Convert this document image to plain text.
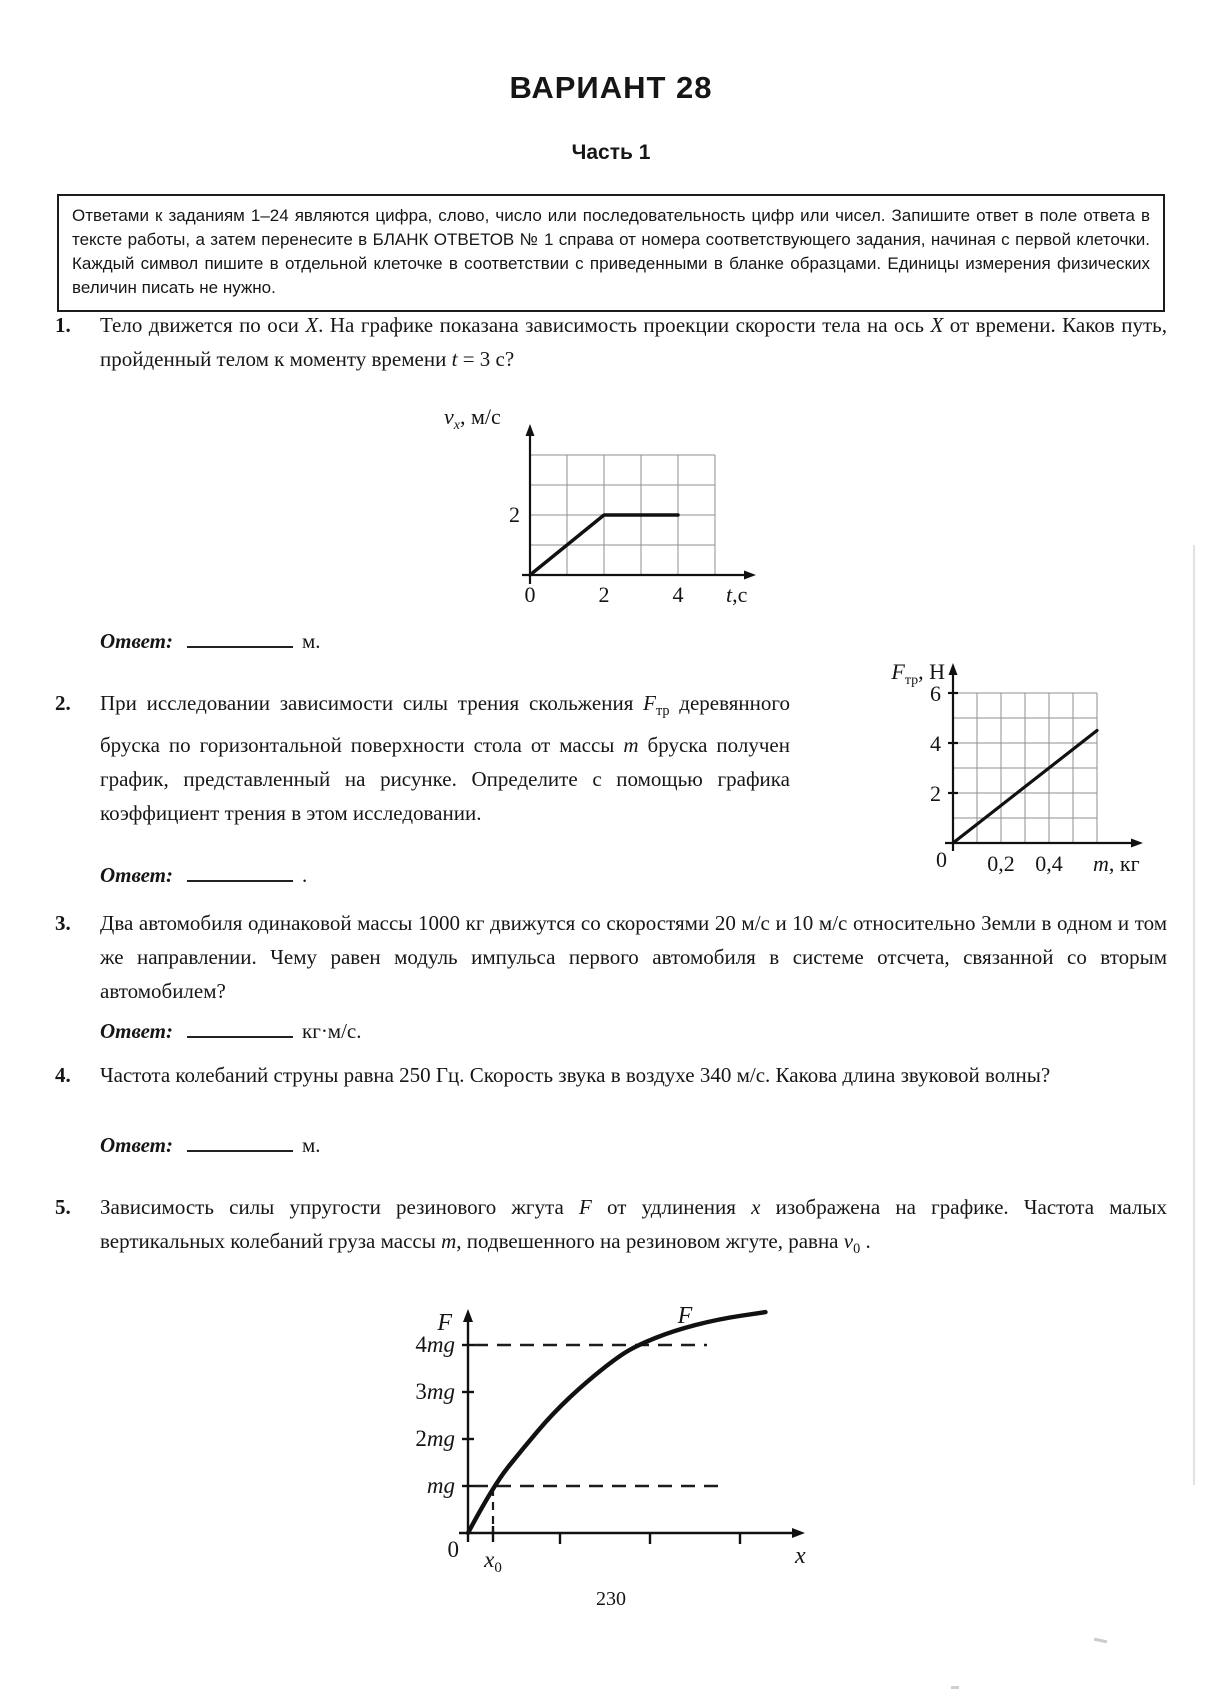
ВАРИАНТ 28
Часть 1
Ответами к заданиям 1–24 являются цифра, слово, число или последовательность цифр или чисел. Запишите ответ в поле ответа в тексте работы, а затем перенесите в БЛАНК ОТВЕТОВ № 1 справа от номера соответствующего задания, начиная с первой клеточки. Каждый символ пишите в отдельной клеточке в соответствии с приведенными в бланке образцами. Единицы измерения физических величин писать не нужно.
1.	Тело движется по оси X. На графике показана зависимость проекции скорости тела на ось X от времени. Каков путь, пройденный телом к моменту времени t = 3 с?
$v_x$, м/с
2
0	2	4 t,с
Ответ:	м.
2.	При исследовании зависимости силы трения скольжения $F_{тр}$ деревянного бруска по горизонтальной поверхности стола от массы m бруска получен график, представленный на рисунке. Определите с помощью графика коэффициент трения в этом исследовании.
$F_{тр}$, Н
6
4
2
0 0,2 0,4 m, кг
Ответ:	.
3.	Два автомобиля одинаковой массы 1000 кг движутся со скоростями 20 м/с и 10 м/с относительно Земли в одном и том же направлении. Чему равен модуль импульса первого автомобиля в системе отсчета, связанной со вторым автомобилем?
Ответ:	кг·м/с.
4.	Частота колебаний струны равна 250 Гц. Скорость звука в воздухе 340 м/с. Какова длина звуковой волны?
Ответ:	м.
5.	Зависимость силы упругости резинового жгута F от удлинения x изображена на графике. Частота малых вертикальных колебаний груза массы m, подвешенного на резиновом жгуте, равна $\nu_0$ .
F	F
mg
2mg
3mg
4mg
0 $x_0$	x
230
